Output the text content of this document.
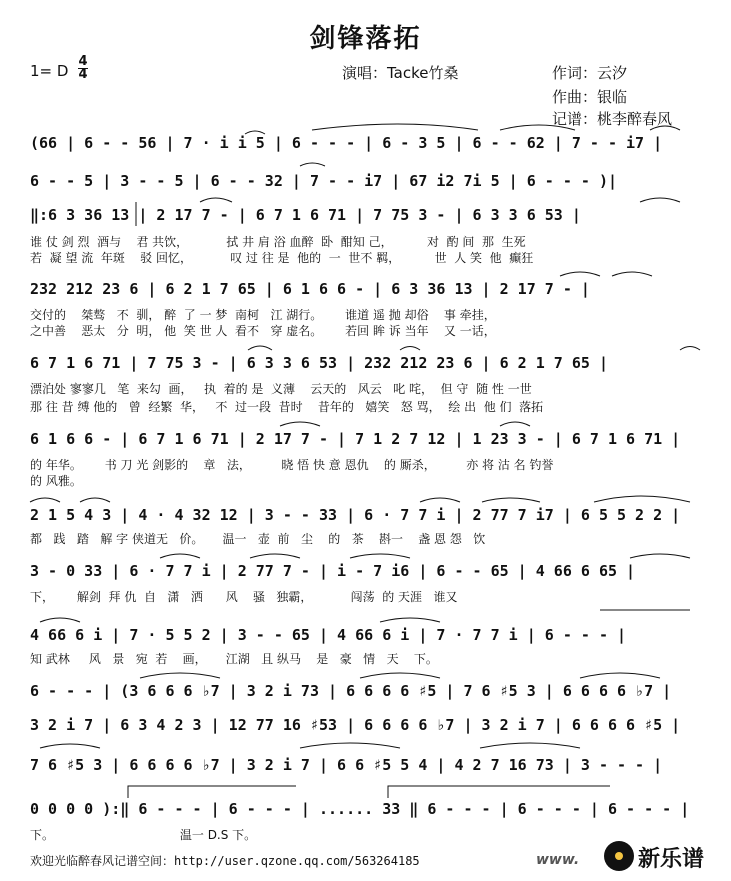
剑锋落拓
1= D
4
4	演唱：Tacke竹桑	作词：云汐
作曲：银临
记谱：桃李醉春风
(66 | 6 - - 56 | 7 · i i 5 | 6 - - - | 6 - 3 5 | 6 - - 62 | 7 - - i7 |
6 - - 5 | 3 - - 5 | 6 - - 32 | 7 - - i7 | 67 i2 7i 5 | 6 - - - )|
‖:6 3 36 13 | 2 17 7 - | 6 7 1 6 71 | 7 75 3 - | 6 3 3 6 53 |
谁 仗 剑 烈  酒与    君 共饮，          拭 井 肩 浴 血醉  卧  酣知 己，         对  酌 间  那  生死
若  凝 望 流  年斑    驳 回忆，          叹 过 往 是  他的  一  世不 羁，         世  人 笑  他  癫狂
232 212 23 6 | 6 2 1 7 65 | 6 1 6 6 - | 6 3 36 13 | 2 17 7 - |
交付的    桀骜   不  驯， 醉  了 一 梦  南柯   江 湖行。      谁道 遥 抛 却俗    事 牵挂，
之中善    恶太   分  明， 他  笑 世 人  看不   穿 虚名。      若回 眸 诉 当年    又 一话，
6 7 1 6 71 | 7 75 3 - | 6 3 3 6 53 | 232 212 23 6 | 6 2 1 7 65 |
漂泊处 寥寥几   笔  来勾  画，   执  着的 是  义薄    云天的   风云   叱 咤，  但 守  随 性 一世
那 往 昔 缚 他的   曾  经繁  华，   不  过一段  昔时    昔年的   嬉笑   怒 骂，  绘 出  他 们  落拓
6 1 6 6 - | 6 7 1 6 71 | 2 17 7 - | 7 1 2 7 12 | 1 23 3 - | 6 7 1 6 71 |
的 年华。      书 刀 光 剑影的    章   法，        晓 悟 快 意 恩仇    的 厮杀，        亦 将 沽 名 钓誉
的 风雅。
2 1 5 4 3 | 4 · 4 32 12 | 3 - - 33 | 6 · 7 7 i | 2 77 7 i7 | 6 5 5 2 2 |
都   践   踏   解 字 侠道无   价。     温一   壶  前   尘    的   茶    斟一    盏 恩 怨   饮
3 - 0 33 | 6 · 7 7 i | 2 77 7 - | i - 7 i6 | 6 - - 65 | 4 66 6 65 |
下，      解剑  拜 仇  自   潇   洒      风    骚   独霸，          闯荡  的 天涯   谁又
4 66 6 i | 7 · 5 5 2 | 3 - - 65 | 4 66 6 i | 7 · 7 7 i | 6 - - - |
知 武林     风   景   宛  若    画，     江湖   且 纵马    是   豪   情   天    下。
6 - - - | (3 6 6 6 ♭7 | 3 2 i 73 | 6 6 6 6 ♯5 | 7 6 ♯5 3 | 6 6 6 6 ♭7 |
3 2 i 7 | 6 3 4 2 3 | 12 77 16 ♯53 | 6 6 6 6 ♭7 | 3 2 i 7 | 6 6 6 6 ♯5 |
7 6 ♯5 3 | 6 6 6 6 ♭7 | 3 2 i 7 | 6 6 ♯5 5 4 | 4 2 7 16 73 | 3 - - - |
0 0 0 0 ):‖ 6 - - - | 6 - - - | ...... 33 ‖ 6 - - - | 6 - - - | 6 - - - |
下。                                 温一 D.S 下。
欢迎光临醉春风记谱空间：http://user.qzone.qq.com/563264185	www.	新乐谱
